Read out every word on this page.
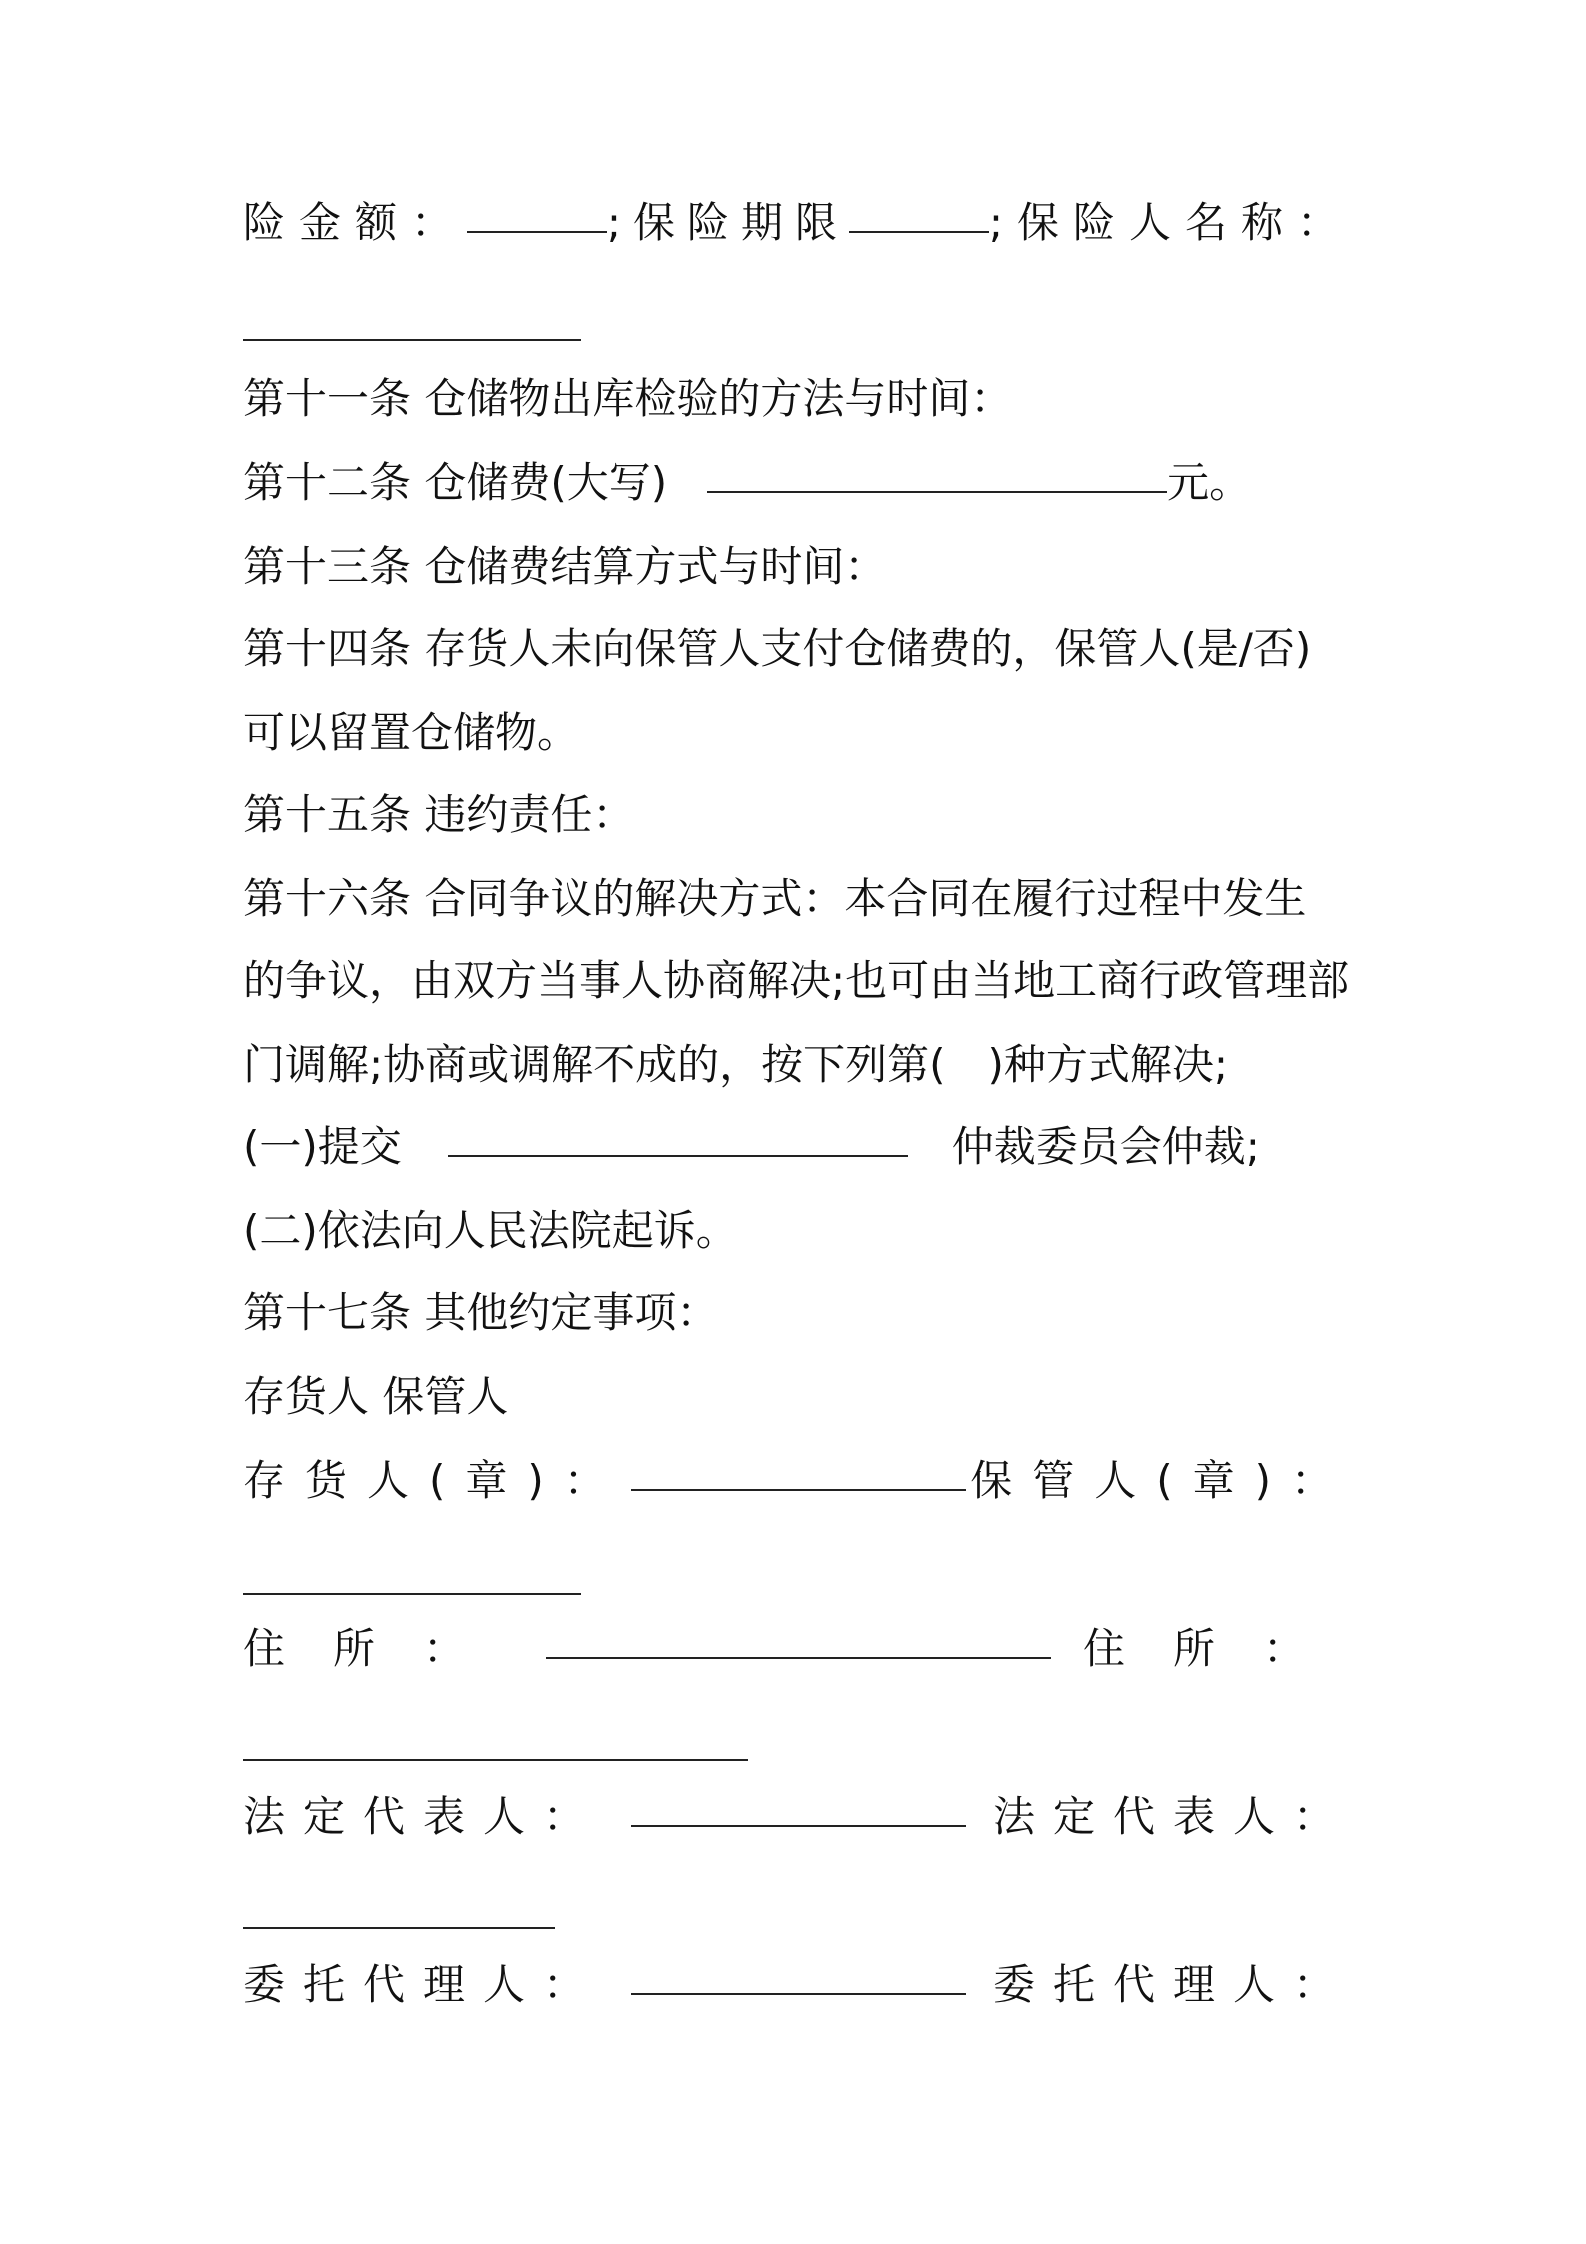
险金额：	;保险期限	;保险人名称：
第十一条 仓储物出库检验的方法与时间：
第十二条 仓储费(大写)	元。
第十三条 仓储费结算方式与时间：
第十四条 存货人未向保管人支付仓储费的，保管人(是/否)
可以留置仓储物。
第十五条 违约责任：
第十六条 合同争议的解决方式：本合同在履行过程中发生
的争议，由双方当事人协商解决;也可由当地工商行政管理部
门调解;协商或调解不成的，按下列第( )种方式解决;
(一)提交	仲裁委员会仲裁;
(二)依法向人民法院起诉。
第十七条 其他约定事项：
存货人 保管人
存货人(章)：	保管人(章)：
住所：	住所：
法定代表人：	法定代表人：
委托代理人：	委托代理人：
